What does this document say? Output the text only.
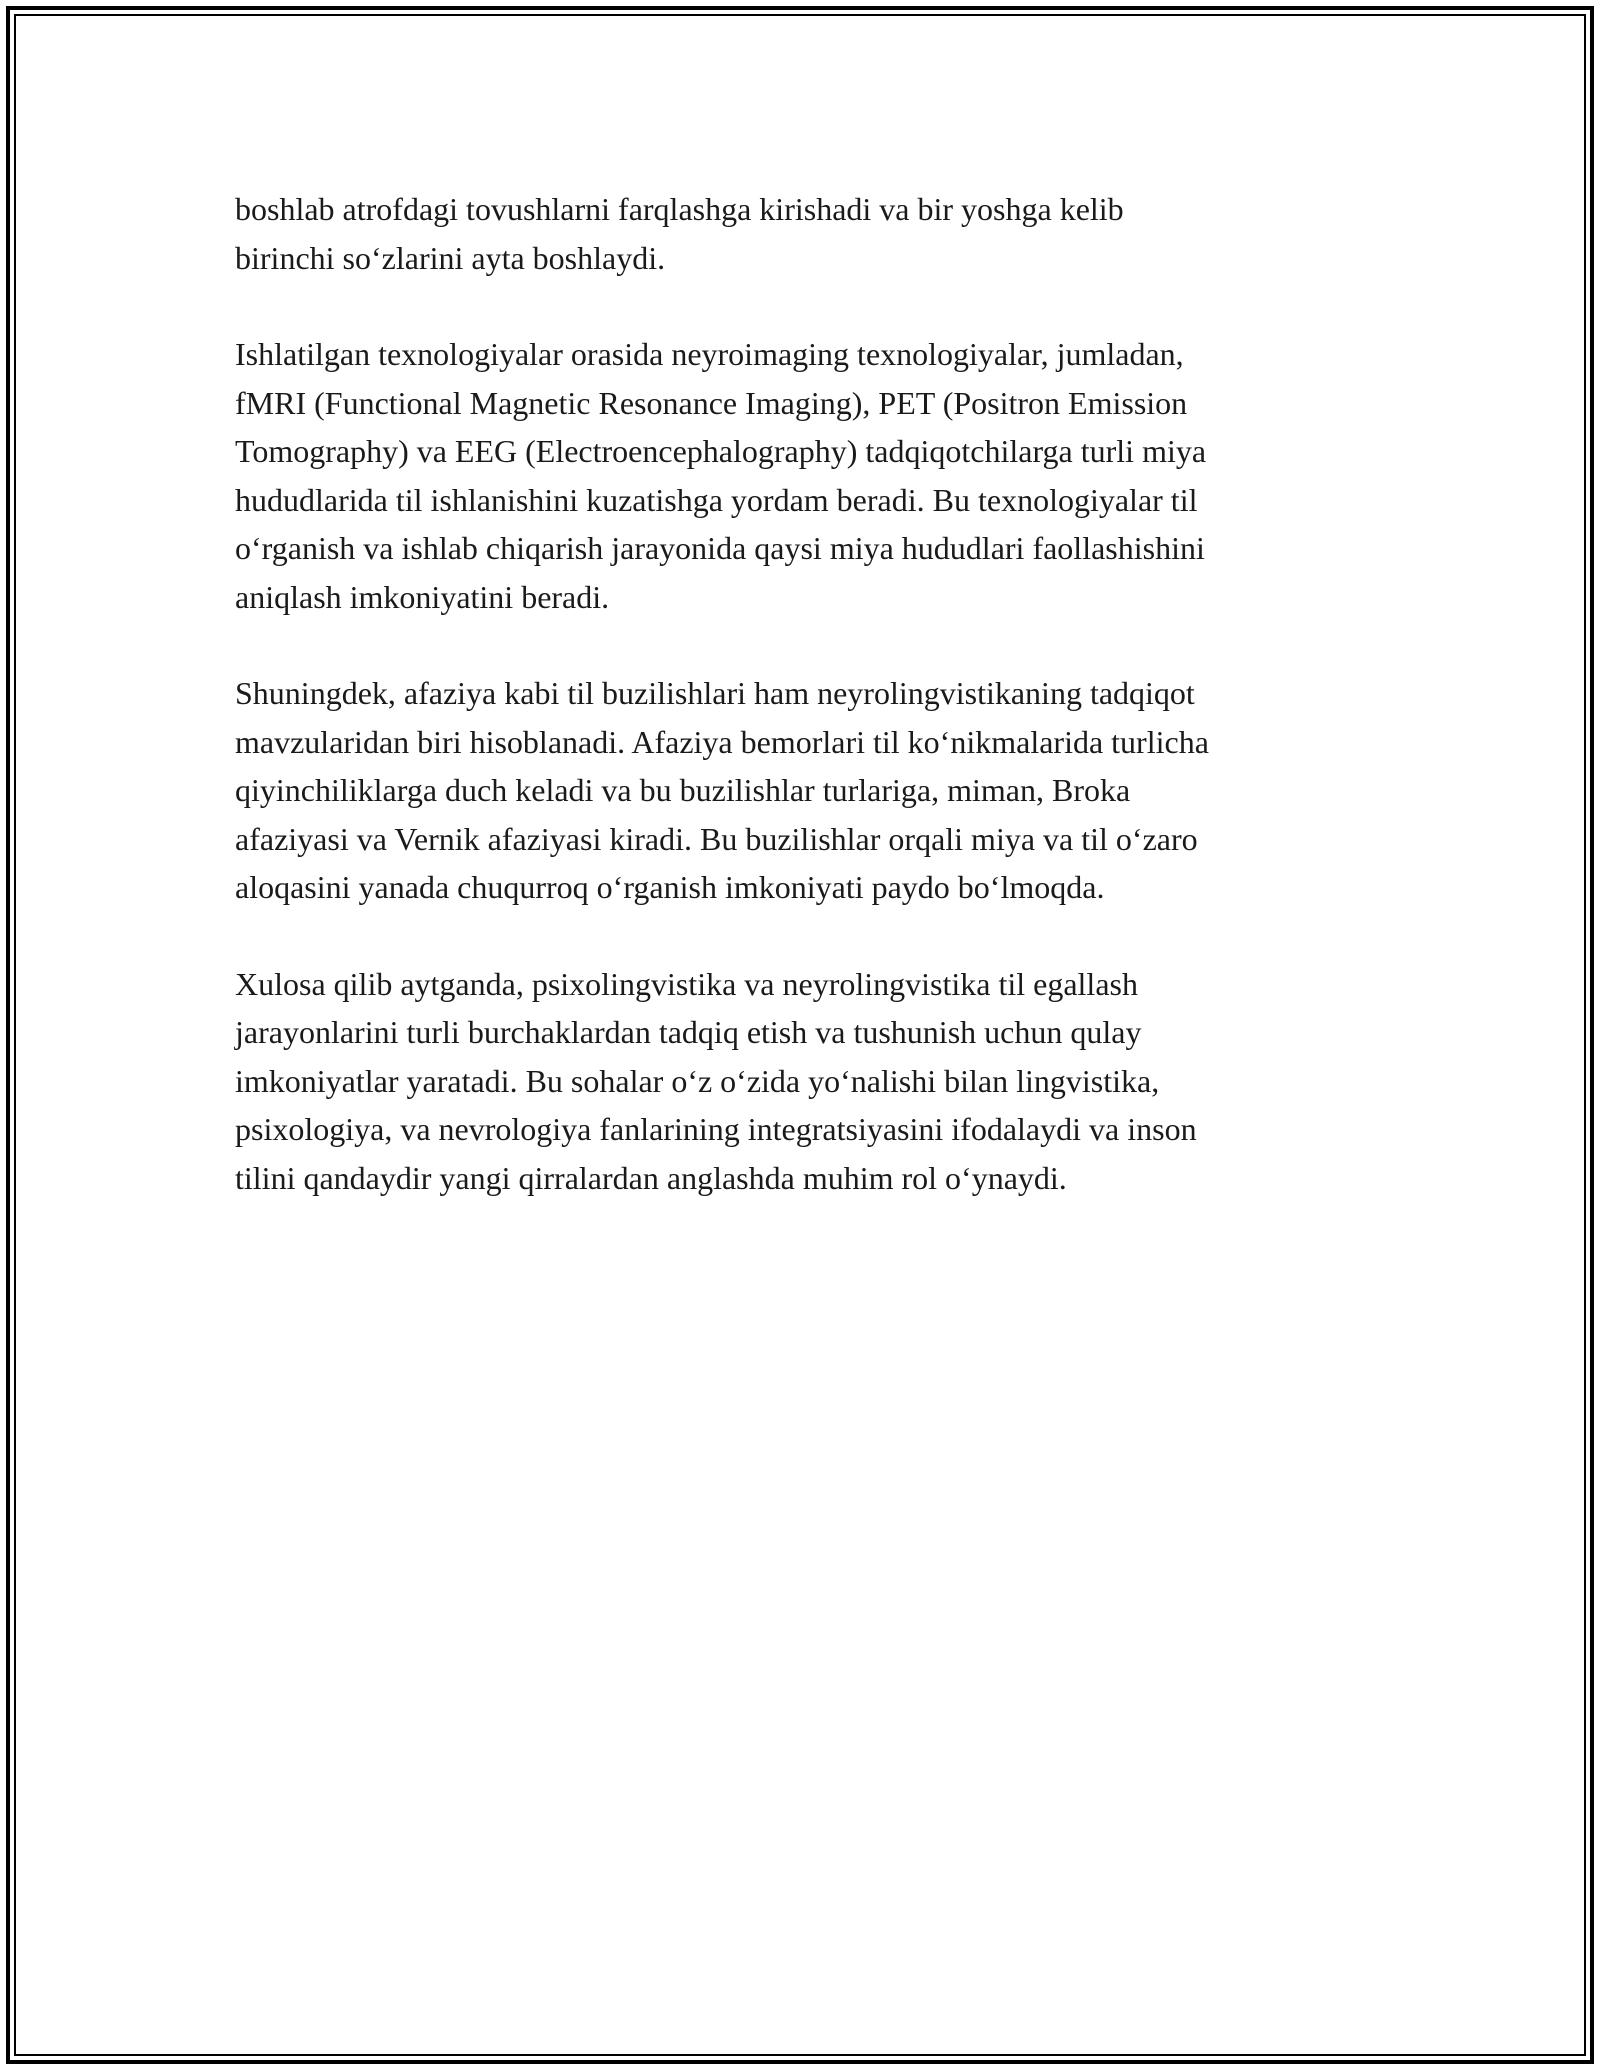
boshlab atrofdagi tovushlarni farqlashga kirishadi va bir yoshga kelib
birinchi so‘zlarini ayta boshlaydi.

Ishlatilgan texnologiyalar orasida neyroimaging texnologiyalar, jumladan,
fMRI (Functional Magnetic Resonance Imaging), PET (Positron Emission
Tomography) va EEG (Electroencephalography) tadqiqotchilarga turli miya
hududlarida til ishlanishini kuzatishga yordam beradi. Bu texnologiyalar til
o‘rganish va ishlab chiqarish jarayonida qaysi miya hududlari faollashishini
aniqlash imkoniyatini beradi.

Shuningdek, afaziya kabi til buzilishlari ham neyrolingvistikaning tadqiqot
mavzularidan biri hisoblanadi. Afaziya bemorlari til ko‘nikmalarida turlicha
qiyinchiliklarga duch keladi va bu buzilishlar turlariga, miman, Broka
afaziyasi va Vernik afaziyasi kiradi. Bu buzilishlar orqali miya va til o‘zaro
aloqasini yanada chuqurroq o‘rganish imkoniyati paydo bo‘lmoqda.

Xulosa qilib aytganda, psixolingvistika va neyrolingvistika til egallash
jarayonlarini turli burchaklardan tadqiq etish va tushunish uchun qulay
imkoniyatlar yaratadi. Bu sohalar o‘z o‘zida yo‘nalishi bilan lingvistika,
psixologiya, va nevrologiya fanlarining integratsiyasini ifodalaydi va inson
tilini qandaydir yangi qirralardan anglashda muhim rol o‘ynaydi.
